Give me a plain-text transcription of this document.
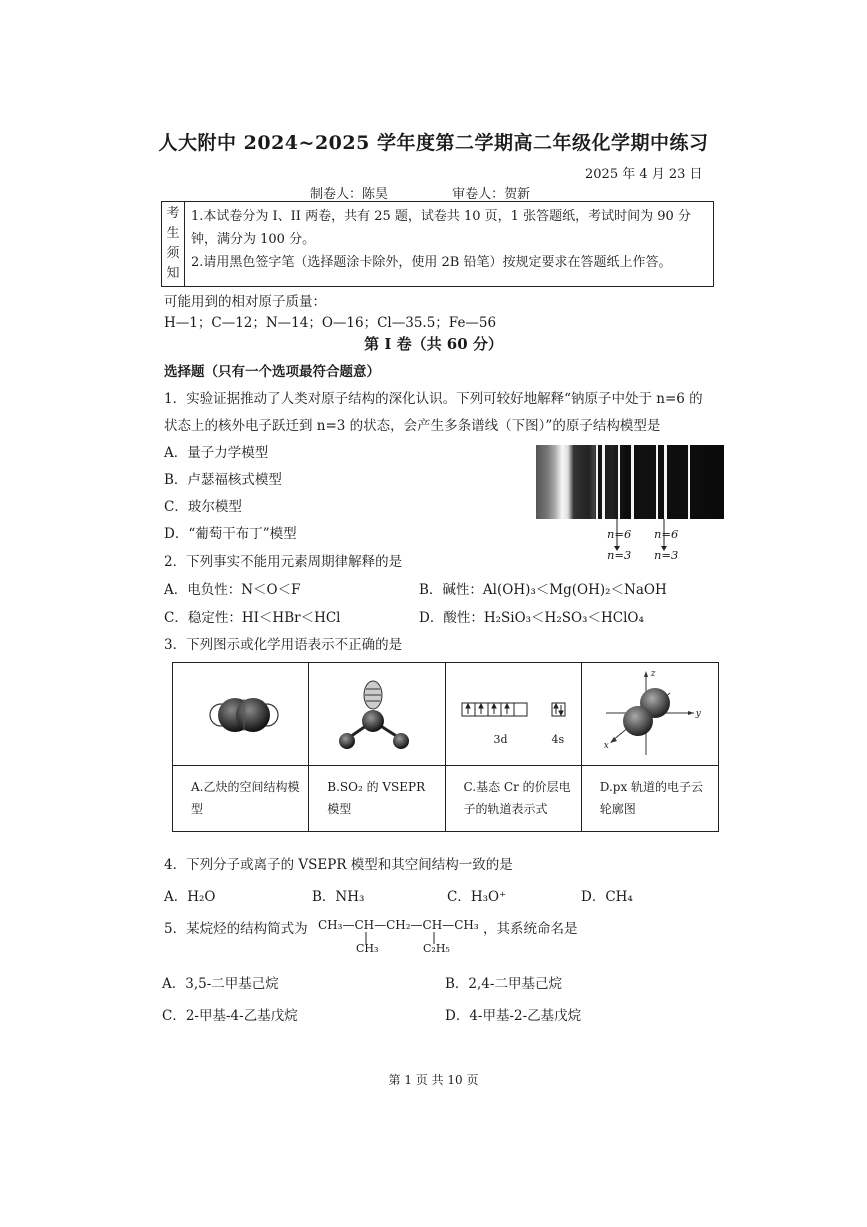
人大附中 2024~2025 学年度第二学期高二年级化学期中练习
2025 年 4 月 23 日
制卷人：陈昊	审卷人：贺新
考
生
须
知

1.本试卷分为 I、II 两卷，共有 25 题，试卷共 10 页，1 张答题纸，考试时间为 90 分钟，满分为 100 分。
2.请用黑色签字笔（选择题涂卡除外，使用 2B 铅笔）按规定要求在答题纸上作答。
可能用到的相对原子质量：
H—1；C—12；N—14；O—16；Cl—35.5；Fe—56
第 I 卷（共 60 分）
选择题（只有一个选项最符合题意）
1．实验证据推动了人类对原子结构的深化认识。下列可较好地解释“钠原子中处于 n=6 的
状态上的核外电子跃迁到 n=3 的状态，会产生多条谱线（下图）”的原子结构模型是
A．量子力学模型
B．卢瑟福核式模型
C．玻尔模型
D．“葡萄干布丁”模型	n=6
n=3
n=6
n=3
2．下列事实不能用元素周期律解释的是
A．电负性：N＜O＜F	B．碱性：Al(OH)₃＜Mg(OH)₂＜NaOH
C．稳定性：HI＜HBr＜HCl	D．酸性：H₂SiO₃＜H₂SO₃＜HClO₄
3．下列图示或化学用语表示不正确的是
3d	4s
z
y
x
A.乙炔的空间结构模型
B.SO₂ 的 VSEPR 模型
C.基态 Cr 的价层电子的轨道表示式
D.px 轨道的电子云轮廓图
4．下列分子或离子的 VSEPR 模型和其空间结构一致的是
A．H₂O	B．NH₃	C．H₃O⁺	D．CH₄
5．某烷烃的结构简式为 CH₃—CH—CH₂—CH—CH₃ ，其系统命名是
CH₃	C₂H₅
A．3,5-二甲基己烷	B．2,4-二甲基己烷
C．2-甲基-4-乙基戊烷	D．4-甲基-2-乙基戊烷
第 1 页 共 10 页
